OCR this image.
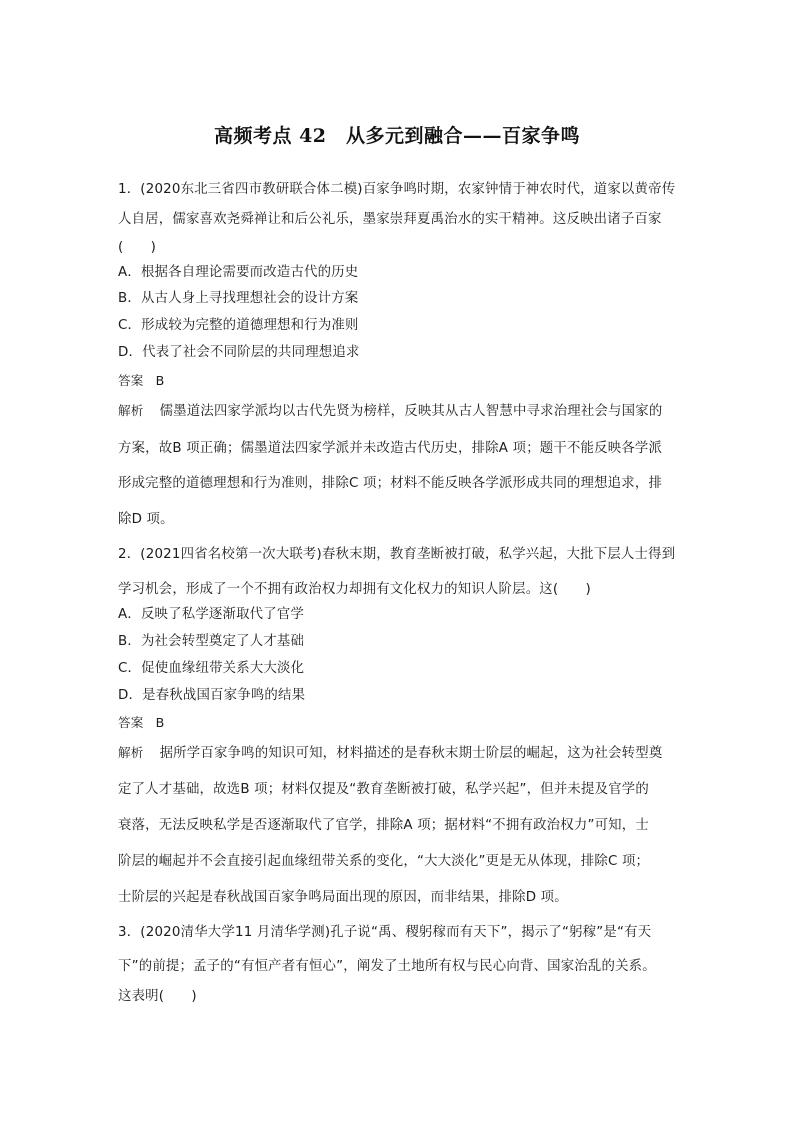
高频考点 42　从多元到融合——百家争鸣
1．(2020东北三省四市教研联合体二模)百家争鸣时期，农家钟情于神农时代，道家以黄帝传
人自居，儒家喜欢尧舜禅让和后公礼乐，墨家崇拜夏禹治水的实干精神。这反映出诸子百家
(　　)
A．根据各自理论需要而改造古代的历史
B．从古人身上寻找理想社会的设计方案
C．形成较为完整的道德理想和行为准则
D．代表了社会不同阶层的共同理想追求
答案 B
解析 儒墨道法四家学派均以古代先贤为榜样，反映其从古人智慧中寻求治理社会与国家的
方案，故B 项正确；儒墨道法四家学派并未改造古代历史，排除A 项；题干不能反映各学派
形成完整的道德理想和行为准则，排除C 项；材料不能反映各学派形成共同的理想追求，排
除D 项。
2．(2021四省名校第一次大联考)春秋末期，教育垄断被打破，私学兴起，大批下层人士得到
学习机会，形成了一个不拥有政治权力却拥有文化权力的知识人阶层。这(　　)
A．反映了私学逐渐取代了官学
B．为社会转型奠定了人才基础
C．促使血缘纽带关系大大淡化
D．是春秋战国百家争鸣的结果
答案 B
解析 据所学百家争鸣的知识可知，材料描述的是春秋末期士阶层的崛起，这为社会转型奠
定了人才基础，故选B 项；材料仅提及“教育垄断被打破，私学兴起”，但并未提及官学的
衰落，无法反映私学是否逐渐取代了官学，排除A 项；据材料“不拥有政治权力”可知，士
阶层的崛起并不会直接引起血缘纽带关系的变化，“大大淡化”更是无从体现，排除C 项；
士阶层的兴起是春秋战国百家争鸣局面出现的原因，而非结果，排除D 项。
3．(2020清华大学11 月清华学测)孔子说“禹、稷躬稼而有天下”，揭示了“躬稼”是“有天
下”的前提；孟子的“有恒产者有恒心”，阐发了土地所有权与民心向背、国家治乱的关系。
这表明(　　)
